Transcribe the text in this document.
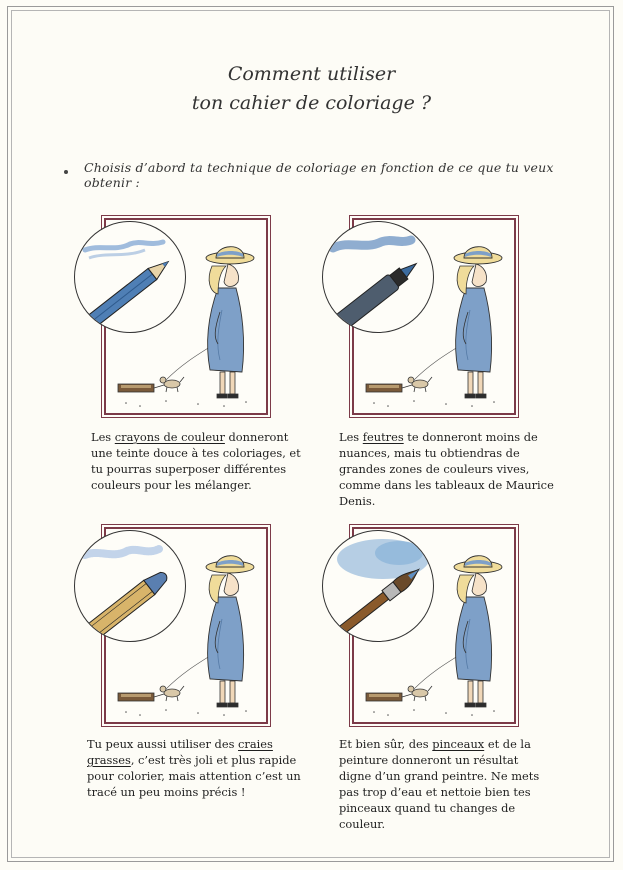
Comment utiliser
ton cahier de coloriage ?
Choisis d’abord ta technique de coloriage en fonction de ce que tu veux obtenir :
Les crayons de couleur donneront une teinte douce à tes coloriages, et tu pourras superposer différentes couleurs pour les mélanger.
Les feutres te donneront moins de nuances, mais tu obtiendras de grandes zones de couleurs vives, comme dans les tableaux de Maurice Denis.
Tu peux aussi utiliser des craies grasses, c’est très joli et plus rapide pour colorier, mais attention c’est un tracé un peu moins précis !
Et bien sûr, des pinceaux et de la peinture donneront un résultat digne d’un grand peintre. Ne mets pas trop d’eau et nettoie bien tes pinceaux quand tu changes de couleur.
